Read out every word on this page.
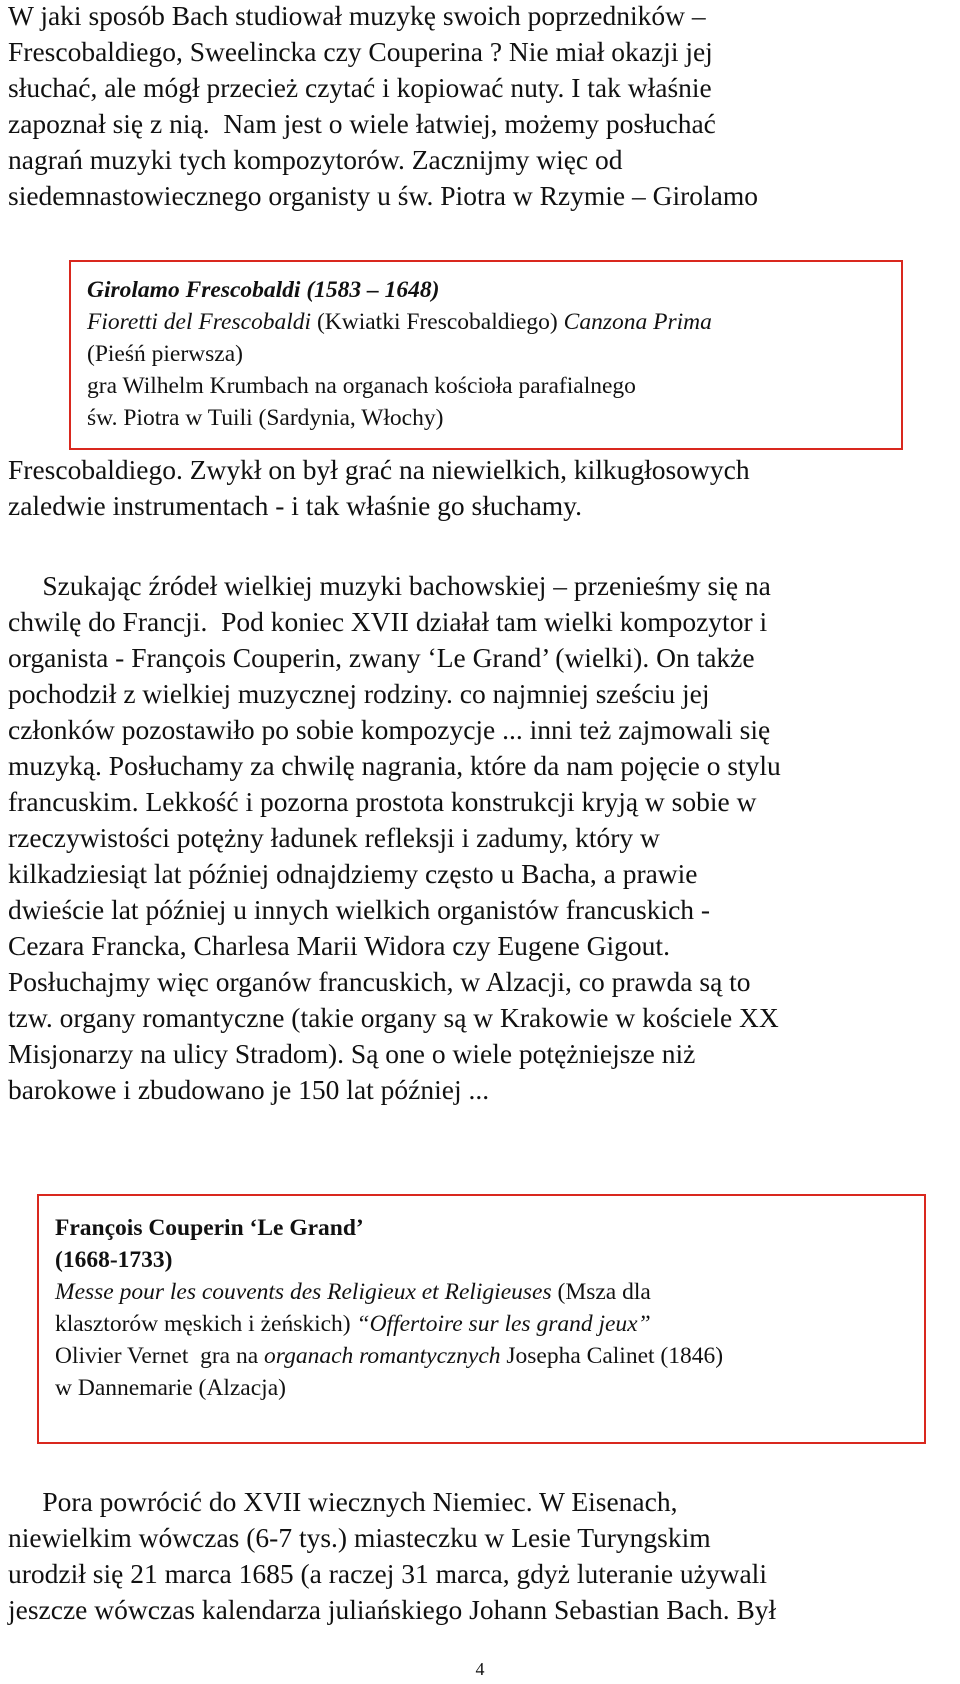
W jaki sposób Bach studiował muzykę swoich poprzedników –
Frescobaldiego, Sweelincka czy Couperina ? Nie miał okazji jej
słuchać, ale mógł przecież czytać i kopiować nuty. I tak właśnie
zapoznał się z nią.  Nam jest o wiele łatwiej, możemy posłuchać
nagrań muzyki tych kompozytorów. Zacznijmy więc od
siedemnastowiecznego organisty u św. Piotra w Rzymie – Girolamo
Girolamo Frescobaldi (1583 – 1648)
Fioretti del Frescobaldi (Kwiatki Frescobaldiego) Canzona Prima
(Pieśń pierwsza)
gra Wilhelm Krumbach na organach kościoła parafialnego
św. Piotra w Tuili (Sardynia, Włochy)
Frescobaldiego. Zwykł on był grać na niewielkich, kilkugłosowych
zaledwie instrumentach - i tak właśnie go słuchamy.
Szukając źródeł wielkiej muzyki bachowskiej – przenieśmy się na
chwilę do Francji.  Pod koniec XVII działał tam wielki kompozytor i
organista - François Couperin, zwany ‘Le Grand’ (wielki). On także
pochodził z wielkiej muzycznej rodziny. co najmniej sześciu jej
członków pozostawiło po sobie kompozycje ... inni też zajmowali się
muzyką. Posłuchamy za chwilę nagrania, które da nam pojęcie o stylu
francuskim. Lekkość i pozorna prostota konstrukcji kryją w sobie w
rzeczywistości potężny ładunek refleksji i zadumy, który w
kilkadziesiąt lat później odnajdziemy często u Bacha, a prawie
dwieście lat później u innych wielkich organistów francuskich -
Cezara Francka, Charlesa Marii Widora czy Eugene Gigout.
Posłuchajmy więc organów francuskich, w Alzacji, co prawda są to
tzw. organy romantyczne (takie organy są w Krakowie w kościele XX
Misjonarzy na ulicy Stradom). Są one o wiele potężniejsze niż
barokowe i zbudowano je 150 lat później ...
François Couperin ‘Le Grand’
(1668-1733)
Messe pour les couvents des Religieux et Religieuses (Msza dla
klasztorów męskich i żeńskich) “Offertoire sur les grand jeux”
Olivier Vernet  gra na organach romantycznych Josepha Calinet (1846)
w Dannemarie (Alzacja)
Pora powrócić do XVII wiecznych Niemiec. W Eisenach,
niewielkim wówczas (6-7 tys.) miasteczku w Lesie Turyngskim
urodził się 21 marca 1685 (a raczej 31 marca, gdyż luteranie używali
jeszcze wówczas kalendarza juliańskiego Johann Sebastian Bach. Był
4
